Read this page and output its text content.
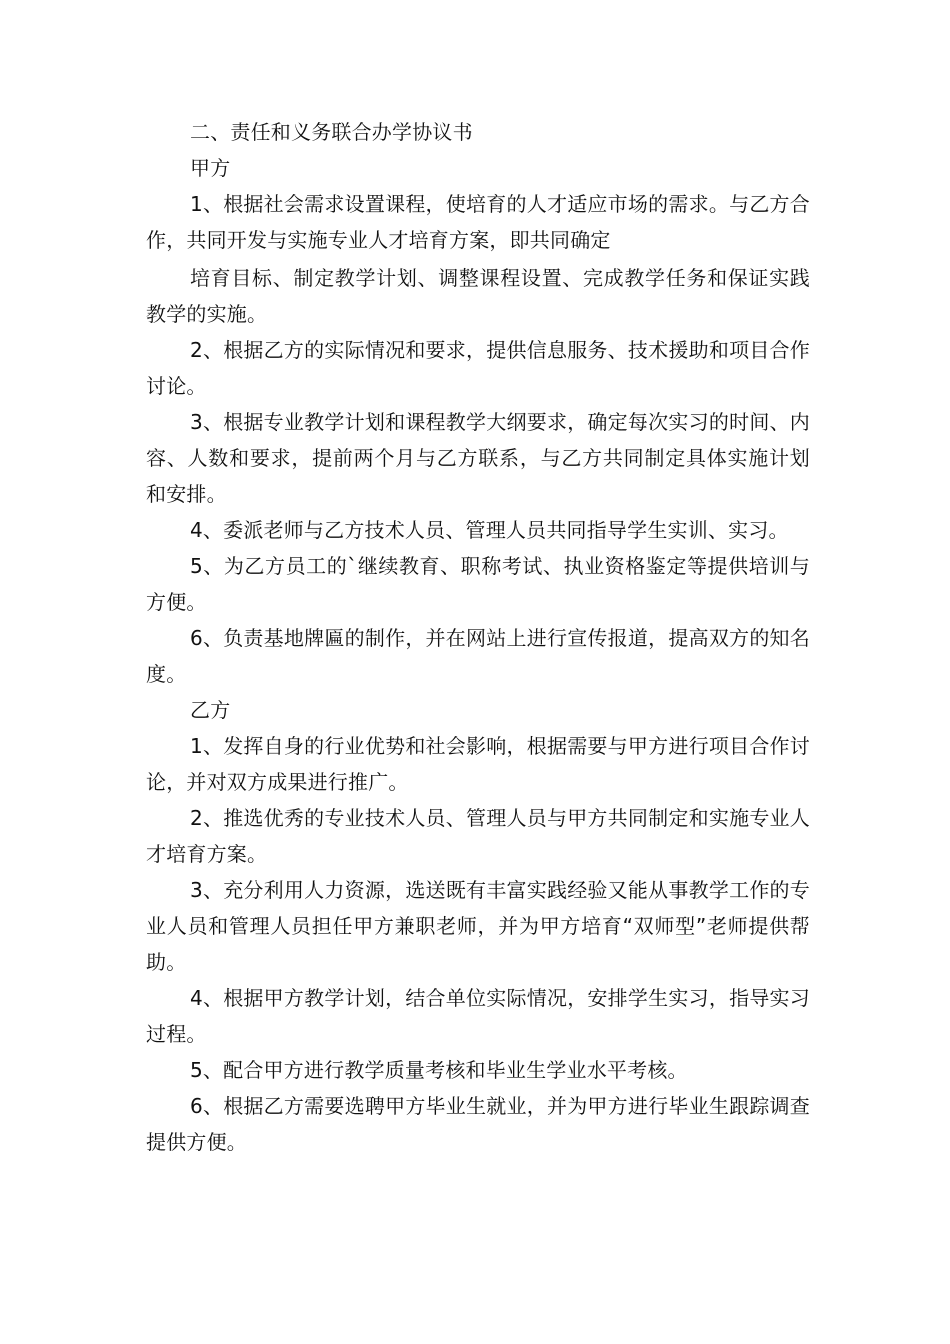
二、责任和义务联合办学协议书

甲方

1、根据社会需求设置课程，使培育的人才适应市场的需求。与乙方合作，共同开发与实施专业人才培育方案，即共同确定

培育目标、制定教学计划、调整课程设置、完成教学任务和保证实践教学的实施。

2、根据乙方的实际情况和要求，提供信息服务、技术援助和项目合作讨论。

3、根据专业教学计划和课程教学大纲要求，确定每次实习的时间、内容、人数和要求，提前两个月与乙方联系，与乙方共同制定具体实施计划和安排。

4、委派老师与乙方技术人员、管理人员共同指导学生实训、实习。

5、为乙方员工的`继续教育、职称考试、执业资格鉴定等提供培训与方便。

6、负责基地牌匾的制作，并在网站上进行宣传报道，提高双方的知名度。

乙方

1、发挥自身的行业优势和社会影响，根据需要与甲方进行项目合作讨论，并对双方成果进行推广。

2、推选优秀的专业技术人员、管理人员与甲方共同制定和实施专业人才培育方案。

3、充分利用人力资源，选送既有丰富实践经验又能从事教学工作的专业人员和管理人员担任甲方兼职老师，并为甲方培育“双师型”老师提供帮助。

4、根据甲方教学计划，结合单位实际情况，安排学生实习，指导实习过程。

5、配合甲方进行教学质量考核和毕业生学业水平考核。

6、根据乙方需要选聘甲方毕业生就业，并为甲方进行毕业生跟踪调查提供方便。
